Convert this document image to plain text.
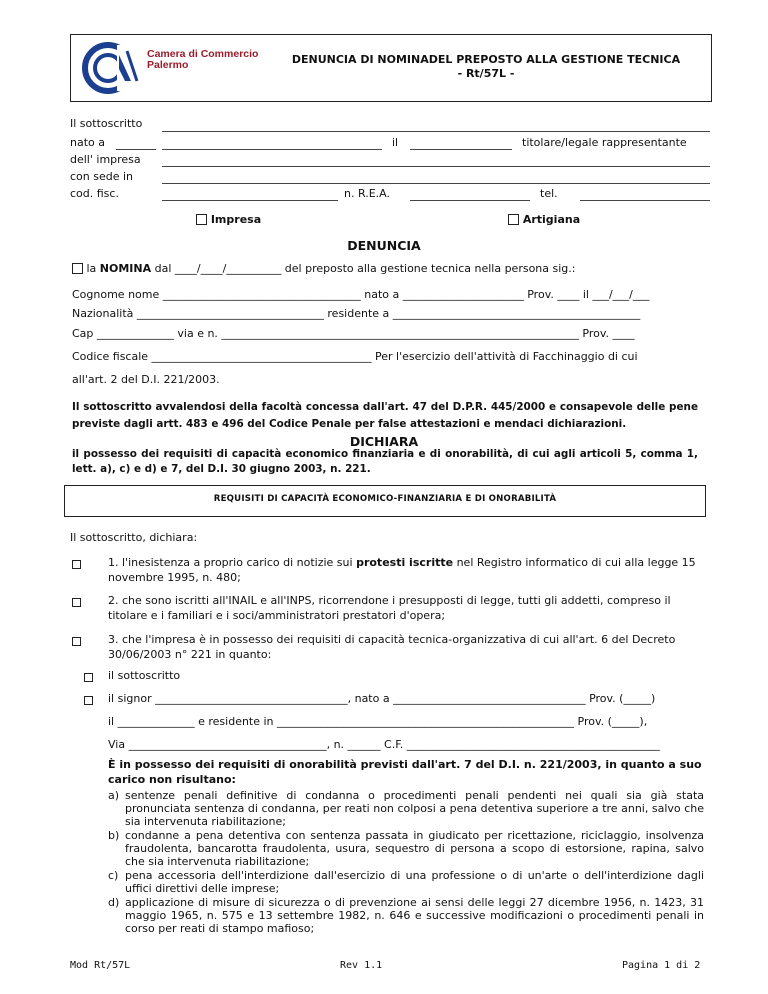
Camera di Commercio
Palermo	DENUNCIA DI NOMINADEL PREPOSTO ALLA GESTIONE TECNICA
- Rt/57L -
Il sottoscritto
nato a	il	titolare/legale rappresentante
dell' impresa
con sede in
cod. fisc.	n. R.E.A.	tel.
Impresa	Artigiana
DENUNCIA
la NOMINA dal ____/____/__________ del preposto alla gestione tecnica nella persona sig.:
Cognome nome ____________________________________ nato a ______________________ Prov. ____ il ___/___/___
Nazionalità __________________________________ residente a _____________________________________________
Cap ______________ via e n. _________________________________________________________________ Prov. ____
Codice fiscale ________________________________________ Per l'esercizio dell'attività di Facchinaggio di cui
all'art. 2 del D.I. 221/2003.
Il sottoscritto avvalendosi della facoltà concessa dall'art. 47 del D.P.R. 445/2000 e consapevole delle pene previste dagli artt. 483 e 496 del Codice Penale per false attestazioni e mendaci dichiarazioni.
DICHIARA
il possesso dei requisiti di capacità economico finanziaria e di onorabilità, di cui agli articoli 5, comma 1, lett. a), c) e d) e 7, del D.I. 30 giugno 2003, n. 221.
REQUISITI DI CAPACITÀ ECONOMICO-FINANZIARIA E DI ONORABILITÀ
Il sottoscritto, dichiara:
1. l'inesistenza a proprio carico di notizie sui protesti iscritte nel Registro informatico di cui alla legge 15
novembre 1995, n. 480;
2. che sono iscritti all'INAIL e all'INPS, ricorrendone i presupposti di legge, tutti gli addetti, compreso il
titolare e i familiari e i soci/amministratori prestatori d'opera;
3. che l'impresa è in possesso dei requisiti di capacità tecnica-organizzativa di cui all'art. 6 del Decreto
30/06/2003 n° 221 in quanto:
il sottoscritto
il signor ___________________________________, nato a ___________________________________ Prov. (_____)
il ______________ e residente in ______________________________________________________ Prov. (_____),
Via ____________________________________, n. ______ C.F. ______________________________________________
È in possesso dei requisiti di onorabilità previsti dall'art. 7 del D.I. n. 221/2003, in quanto a suo carico non risultano:
a) sentenze penali definitive di condanna o procedimenti penali pendenti nei quali sia già stata pronunciata sentenza di condanna, per reati non colposi a pena detentiva superiore a tre anni, salvo che sia intervenuta riabilitazione;
b) condanne a pena detentiva con sentenza passata in giudicato per ricettazione, riciclaggio, insolvenza fraudolenta, bancarotta fraudolenta, usura, sequestro di persona a scopo di estorsione, rapina, salvo che sia intervenuta riabilitazione;
c) pena accessoria dell'interdizione dall'esercizio di una professione o di un'arte o dell'interdizione dagli uffici direttivi delle imprese;
d) applicazione di misure di sicurezza o di prevenzione ai sensi delle leggi 27 dicembre 1956, n. 1423, 31 maggio 1965, n. 575 e 13 settembre 1982, n. 646 e successive modificazioni o procedimenti penali in corso per reati di stampo mafioso;
Mod Rt/57L	Rev 1.1	Pagina 1 di 2
